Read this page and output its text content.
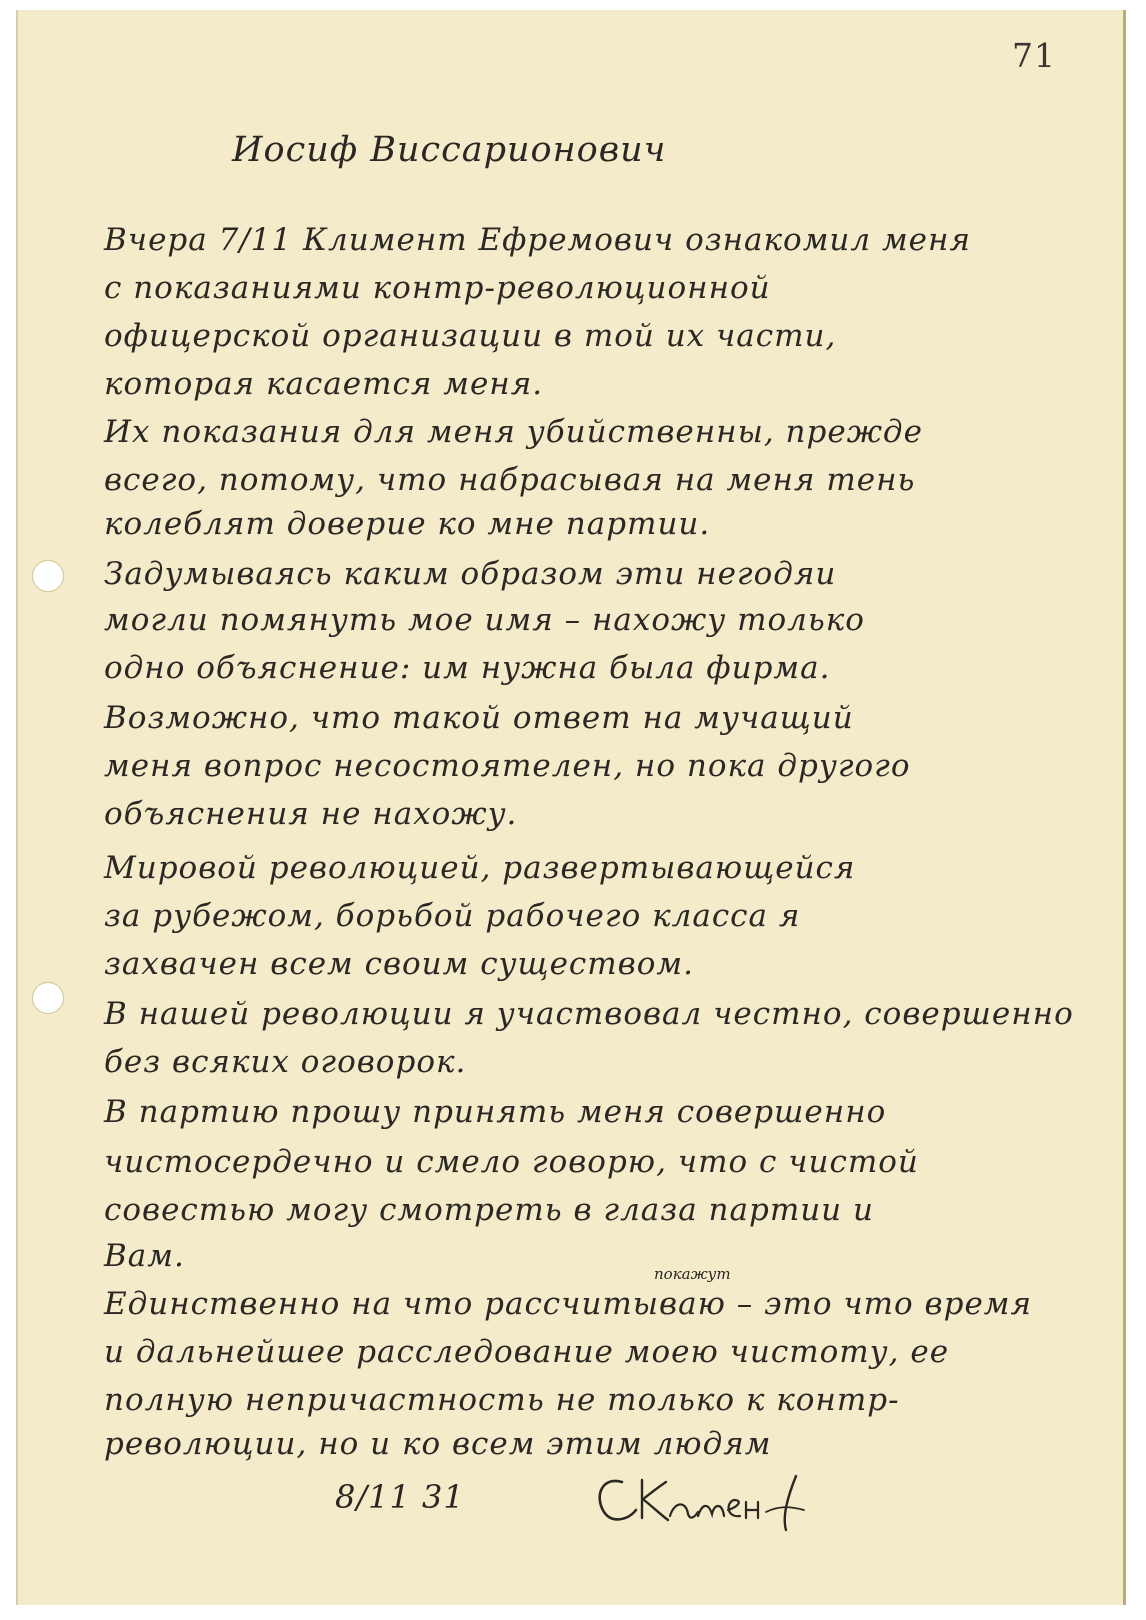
71
Иосиф Виссарионович
Вчера 7/11 Климент Ефремович ознакомил меня
с показаниями контр-революционной
офицерской организации в той их части,
которая касается меня.
Их показания для меня убийственны, прежде
всего, потому, что набрасывая на меня тень
колеблят доверие ко мне партии.
Задумываясь каким образом эти негодяи
могли помянуть мое имя – нахожу только
одно объяснение: им нужна была фирма.
Возможно, что такой ответ на мучащий
меня вопрос несостоятелен, но пока другого
объяснения не нахожу.
Мировой революцией, развертывающейся
за рубежом, борьбой рабочего класса я
захвачен всем своим существом.
В нашей революции я участвовал честно, совершенно
без всяких оговорок.
В партию прошу принять меня совершенно
чистосердечно и смело говорю, что с чистой
совестью могу смотреть в глаза партии и
Вам.
Единственно на что рассчитываю – это что время
и дальнейшее расследование моею чистоту, ее
полную непричастность не только к контр-
революции, но и ко всем этим людям
покажут
8/11 31
